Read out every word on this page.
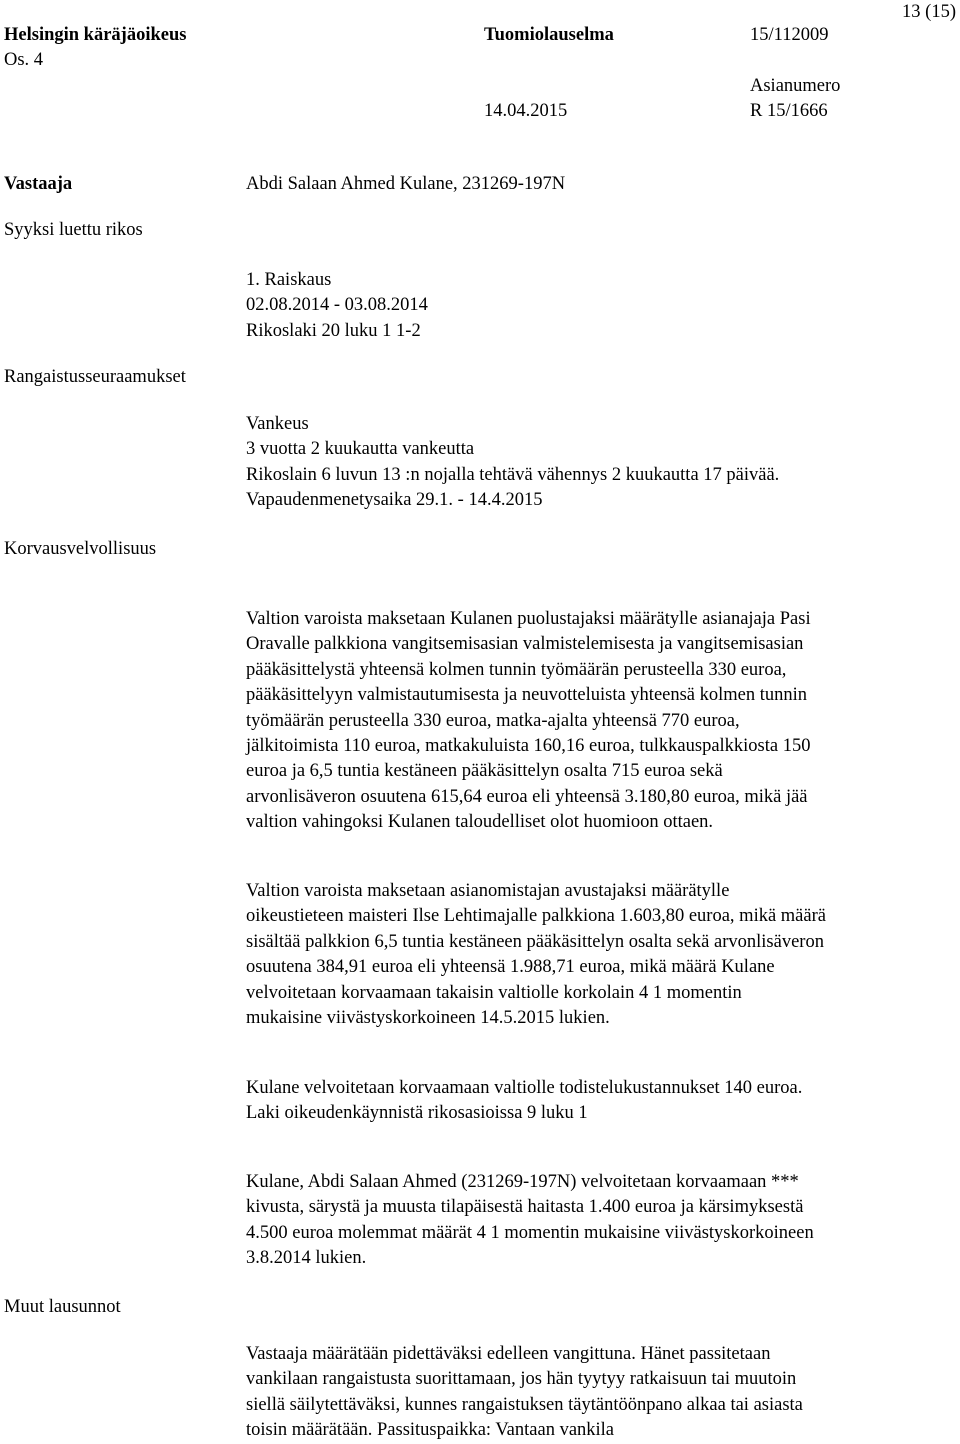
Helsingin käräjäoikeus
Os. 4
Tuomiolauselma	15/112009
13 (15)
Asianumero
14.04.2015	R 15/1666
Vastaaja
Syyksi luettu rikos
Rangaistusseuraamukset
Korvausvelvollisuus
Muut lausunnot
Abdi Salaan Ahmed Kulane, 231269-197N
1. Raiskaus
02.08.2014 - 03.08.2014
Rikoslaki 20 luku 1 1-2
Vankeus
3 vuotta 2 kuukautta vankeutta
Rikoslain 6 luvun 13 :n nojalla tehtävä vähennys 2 kuukautta 17 päivää.
Vapaudenmenetysaika 29.1. - 14.4.2015
Valtion varoista maksetaan Kulanen puolustajaksi määrätylle asianajaja Pasi
Oravalle palkkiona vangitsemisasian valmistelemisesta ja vangitsemisasian
pääkäsittelystä yhteensä kolmen tunnin työmäärän perusteella 330 euroa,
pääkäsittelyyn valmistautumisesta ja neuvotteluista yhteensä kolmen tunnin
työmäärän perusteella 330 euroa, matka-ajalta yhteensä 770 euroa,
jälkitoimista 110 euroa, matkakuluista 160,16 euroa, tulkkauspalkkiosta 150
euroa ja 6,5 tuntia kestäneen pääkäsittelyn osalta 715 euroa sekä
arvonlisäveron osuutena 615,64 euroa eli yhteensä 3.180,80 euroa, mikä jää
valtion vahingoksi Kulanen taloudelliset olot huomioon ottaen.
Valtion varoista maksetaan asianomistajan avustajaksi määrätylle
oikeustieteen maisteri Ilse Lehtimajalle palkkiona 1.603,80 euroa, mikä määrä
sisältää palkkion 6,5 tuntia kestäneen pääkäsittelyn osalta sekä arvonlisäveron
osuutena 384,91 euroa eli yhteensä 1.988,71 euroa, mikä määrä Kulane
velvoitetaan korvaamaan takaisin valtiolle korkolain 4 1 momentin
mukaisine viivästyskorkoineen 14.5.2015 lukien.
Kulane velvoitetaan korvaamaan valtiolle todistelukustannukset 140 euroa.
Laki oikeudenkäynnistä rikosasioissa 9 luku 1
Kulane, Abdi Salaan Ahmed (231269-197N) velvoitetaan korvaamaan ***
kivusta, särystä ja muusta tilapäisestä haitasta 1.400 euroa ja kärsimyksestä
4.500 euroa molemmat määrät 4 1 momentin mukaisine viivästyskorkoineen
3.8.2014 lukien.
Vastaaja määrätään pidettäväksi edelleen vangittuna. Hänet passitetaan
vankilaan rangaistusta suorittamaan, jos hän tyytyy ratkaisuun tai muutoin
siellä säilytettäväksi, kunnes rangaistuksen täytäntöönpano alkaa tai asiasta
toisin määrätään. Passituspaikka: Vantaan vankila
